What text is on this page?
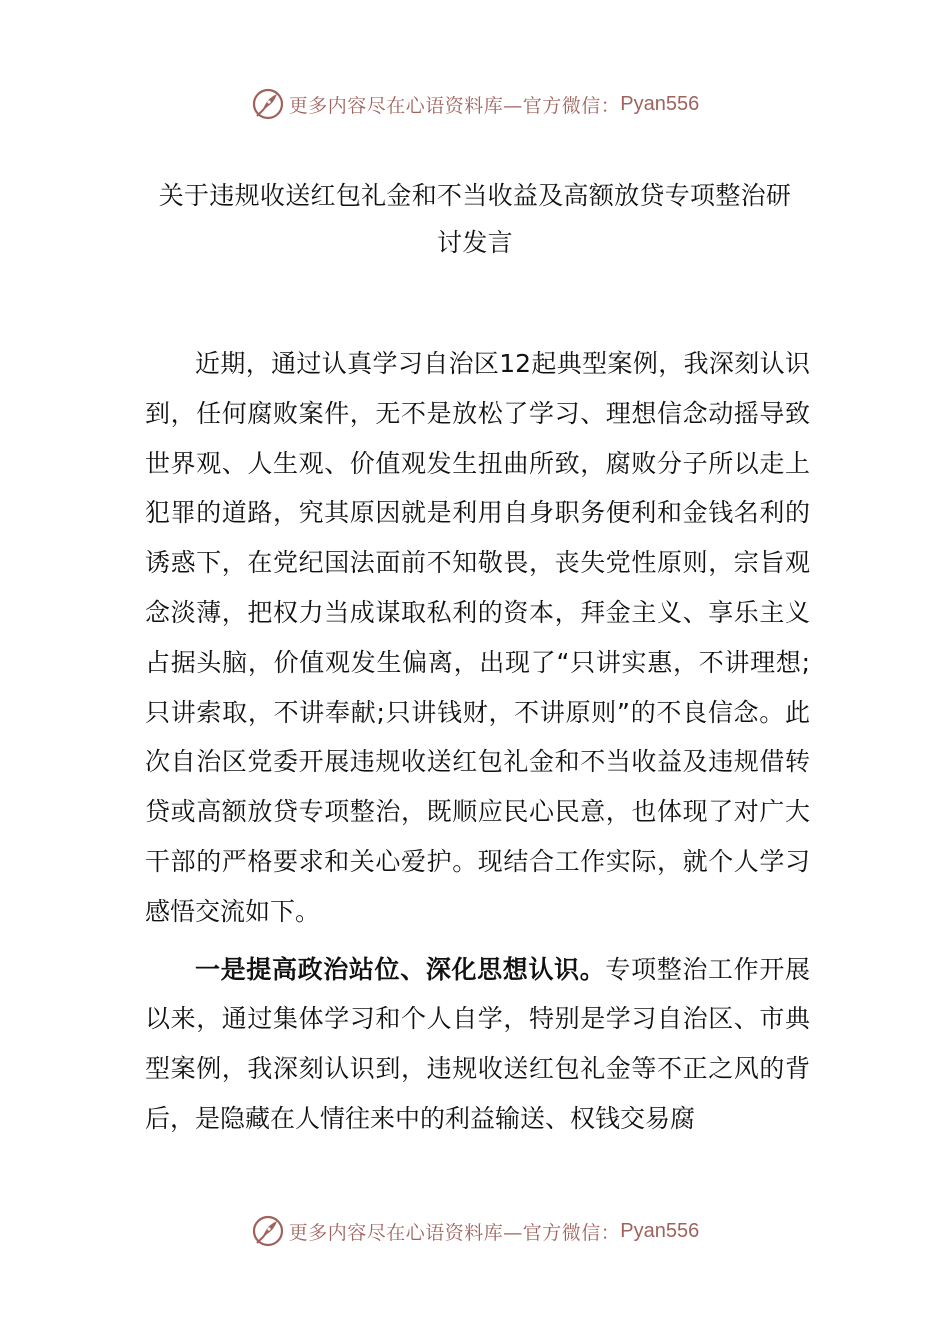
更多内容尽在心语资料库—官方微信： Pyan556
关于违规收送红包礼金和不当收益及高额放贷专项整治研
讨发言

近期，通过认真学习自治区12起典型案例，我深刻认识到，任何腐败案件，无不是放松了学习、理想信念动摇导致世界观、人生观、价值观发生扭曲所致，腐败分子所以走上犯罪的道路，究其原因就是利用自身职务便利和金钱名利的诱惑下，在党纪国法面前不知敬畏，丧失党性原则，宗旨观念淡薄，把权力当成谋取私利的资本，拜金主义、享乐主义占据头脑，价值观发生偏离，出现了“只讲实惠，不讲理想;只讲索取，不讲奉献;只讲钱财，不讲原则”的不良信念。此次自治区党委开展违规收送红包礼金和不当收益及违规借转贷或高额放贷专项整治，既顺应民心民意，也体现了对广大干部的严格要求和关心爱护。现结合工作实际，就个人学习感悟交流如下。

一是提高政治站位、深化思想认识。专项整治工作开展以来，通过集体学习和个人自学，特别是学习自治区、市典型案例，我深刻认识到，违规收送红包礼金等不正之风的背后，是隐藏在人情往来中的利益输送、权钱交易腐

更多内容尽在心语资料库—官方微信： Pyan556
